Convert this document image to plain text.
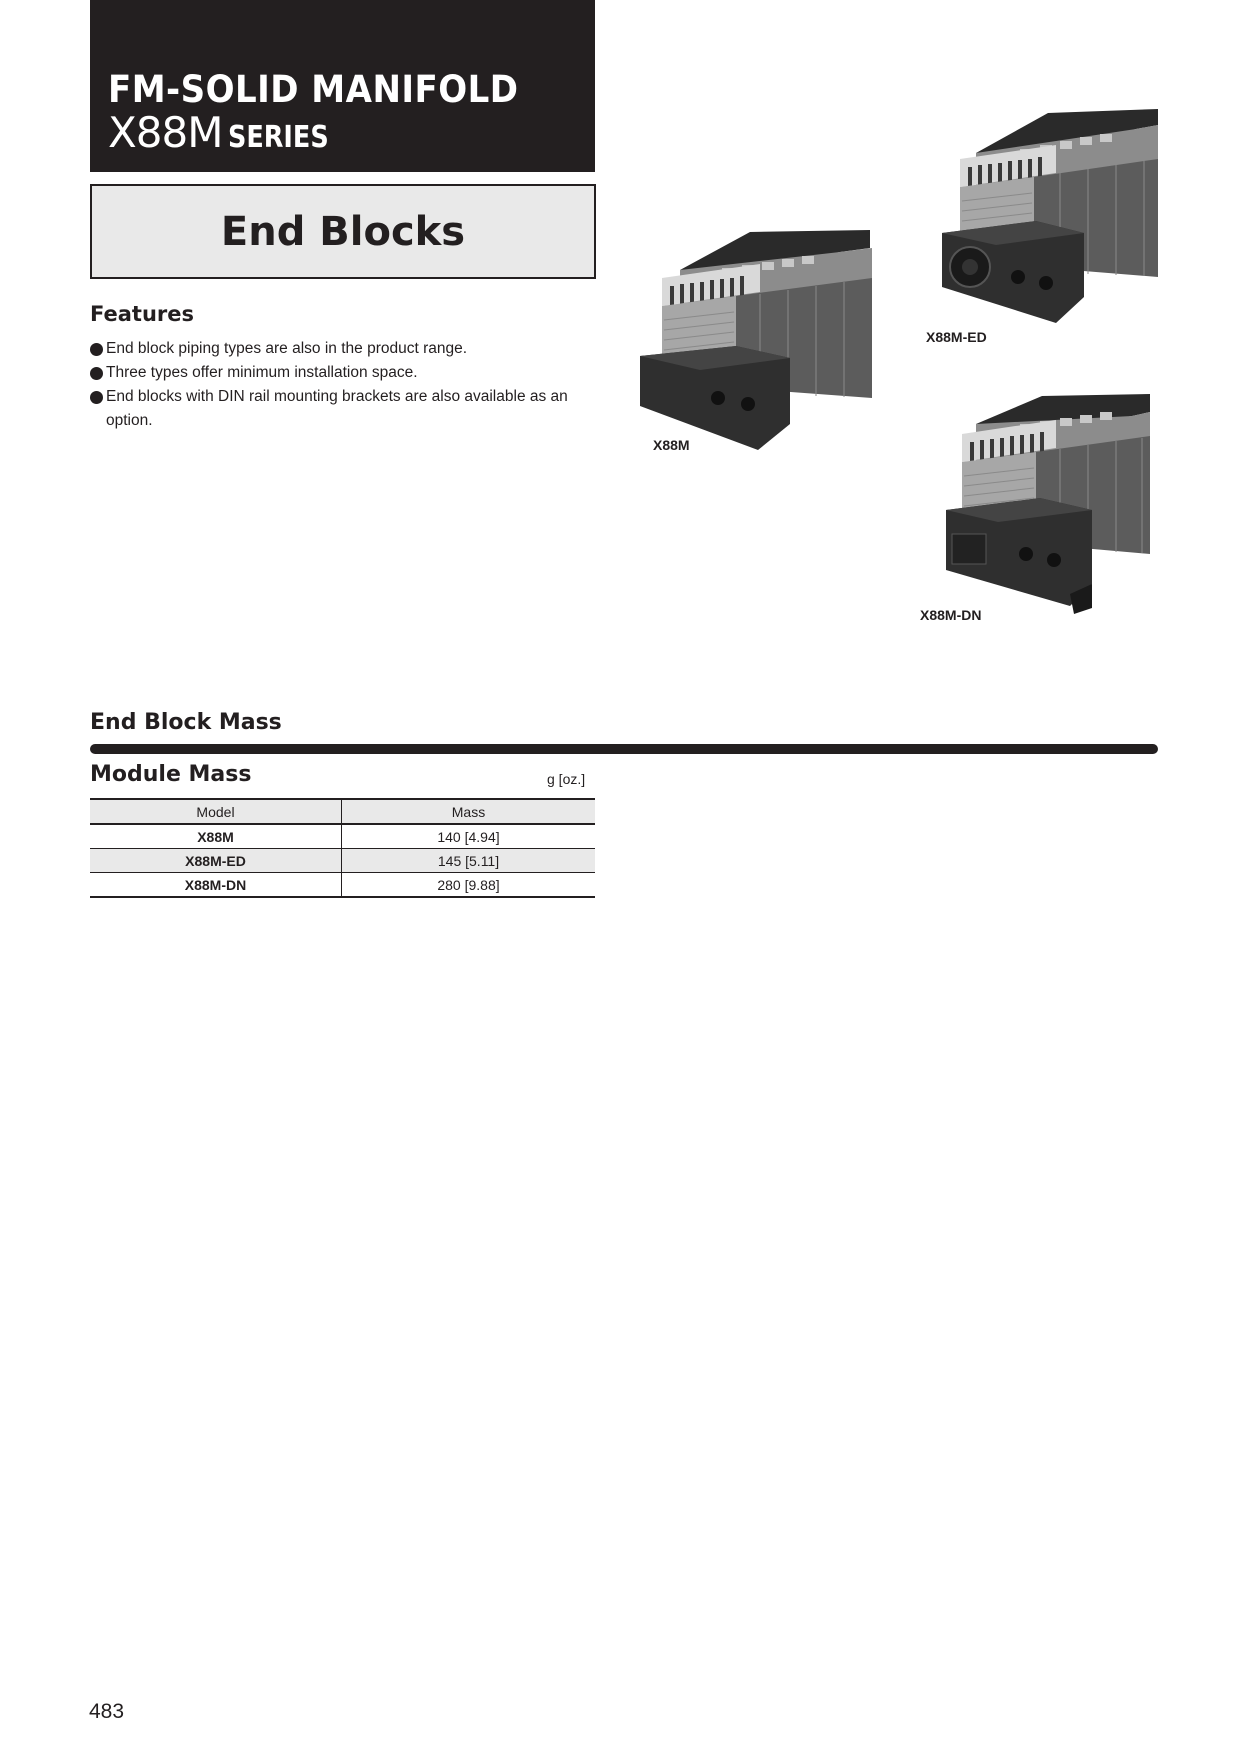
FM-SOLID MANIFOLD
X88M SERIES
End Blocks
Features
End block piping types are also in the product range.
Three types offer minimum installation space.
End blocks with DIN rail mounting brackets are also available as an option.
X88M
X88M-ED
X88M-DN
End Block Mass
Module Mass	g [oz.]
Model	Mass
X88M	140 [4.94]
X88M-ED	145 [5.11]
X88M-DN	280 [9.88]
483
